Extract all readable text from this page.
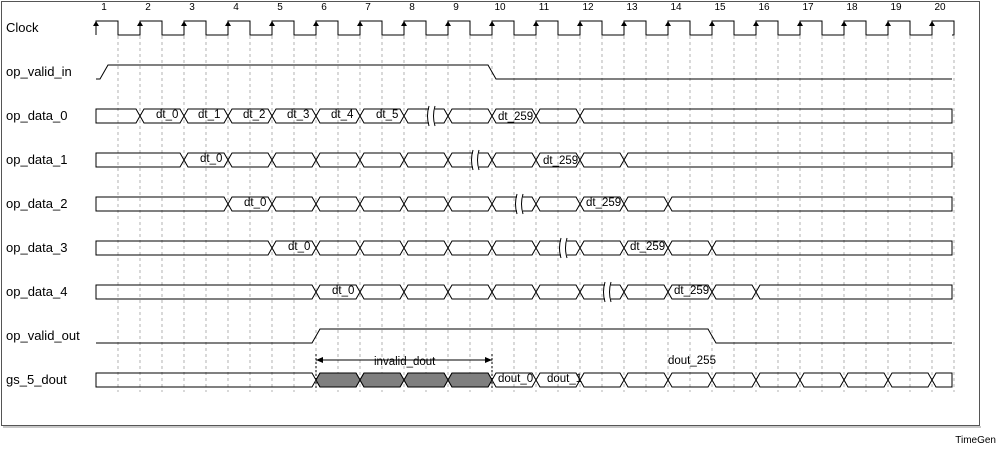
Clock
op_valid_in
op_data_0
op_data_1
op_data_2
op_data_3
op_data_4
op_valid_out
gs_5_dout
1	2	3	4	5	6	7	8	9	10	11	12	13	14	15	16	17	18	19	20
dt_0 dt_1 dt_2 dt_3 dt_4 dt_5	dt_259
dt_0	dt_259
dt_0	dt_259
dt_0	dt_259
dt_0	dt_259
invalid_dout
dout_0 dout_1
dout_255
TimeGen
